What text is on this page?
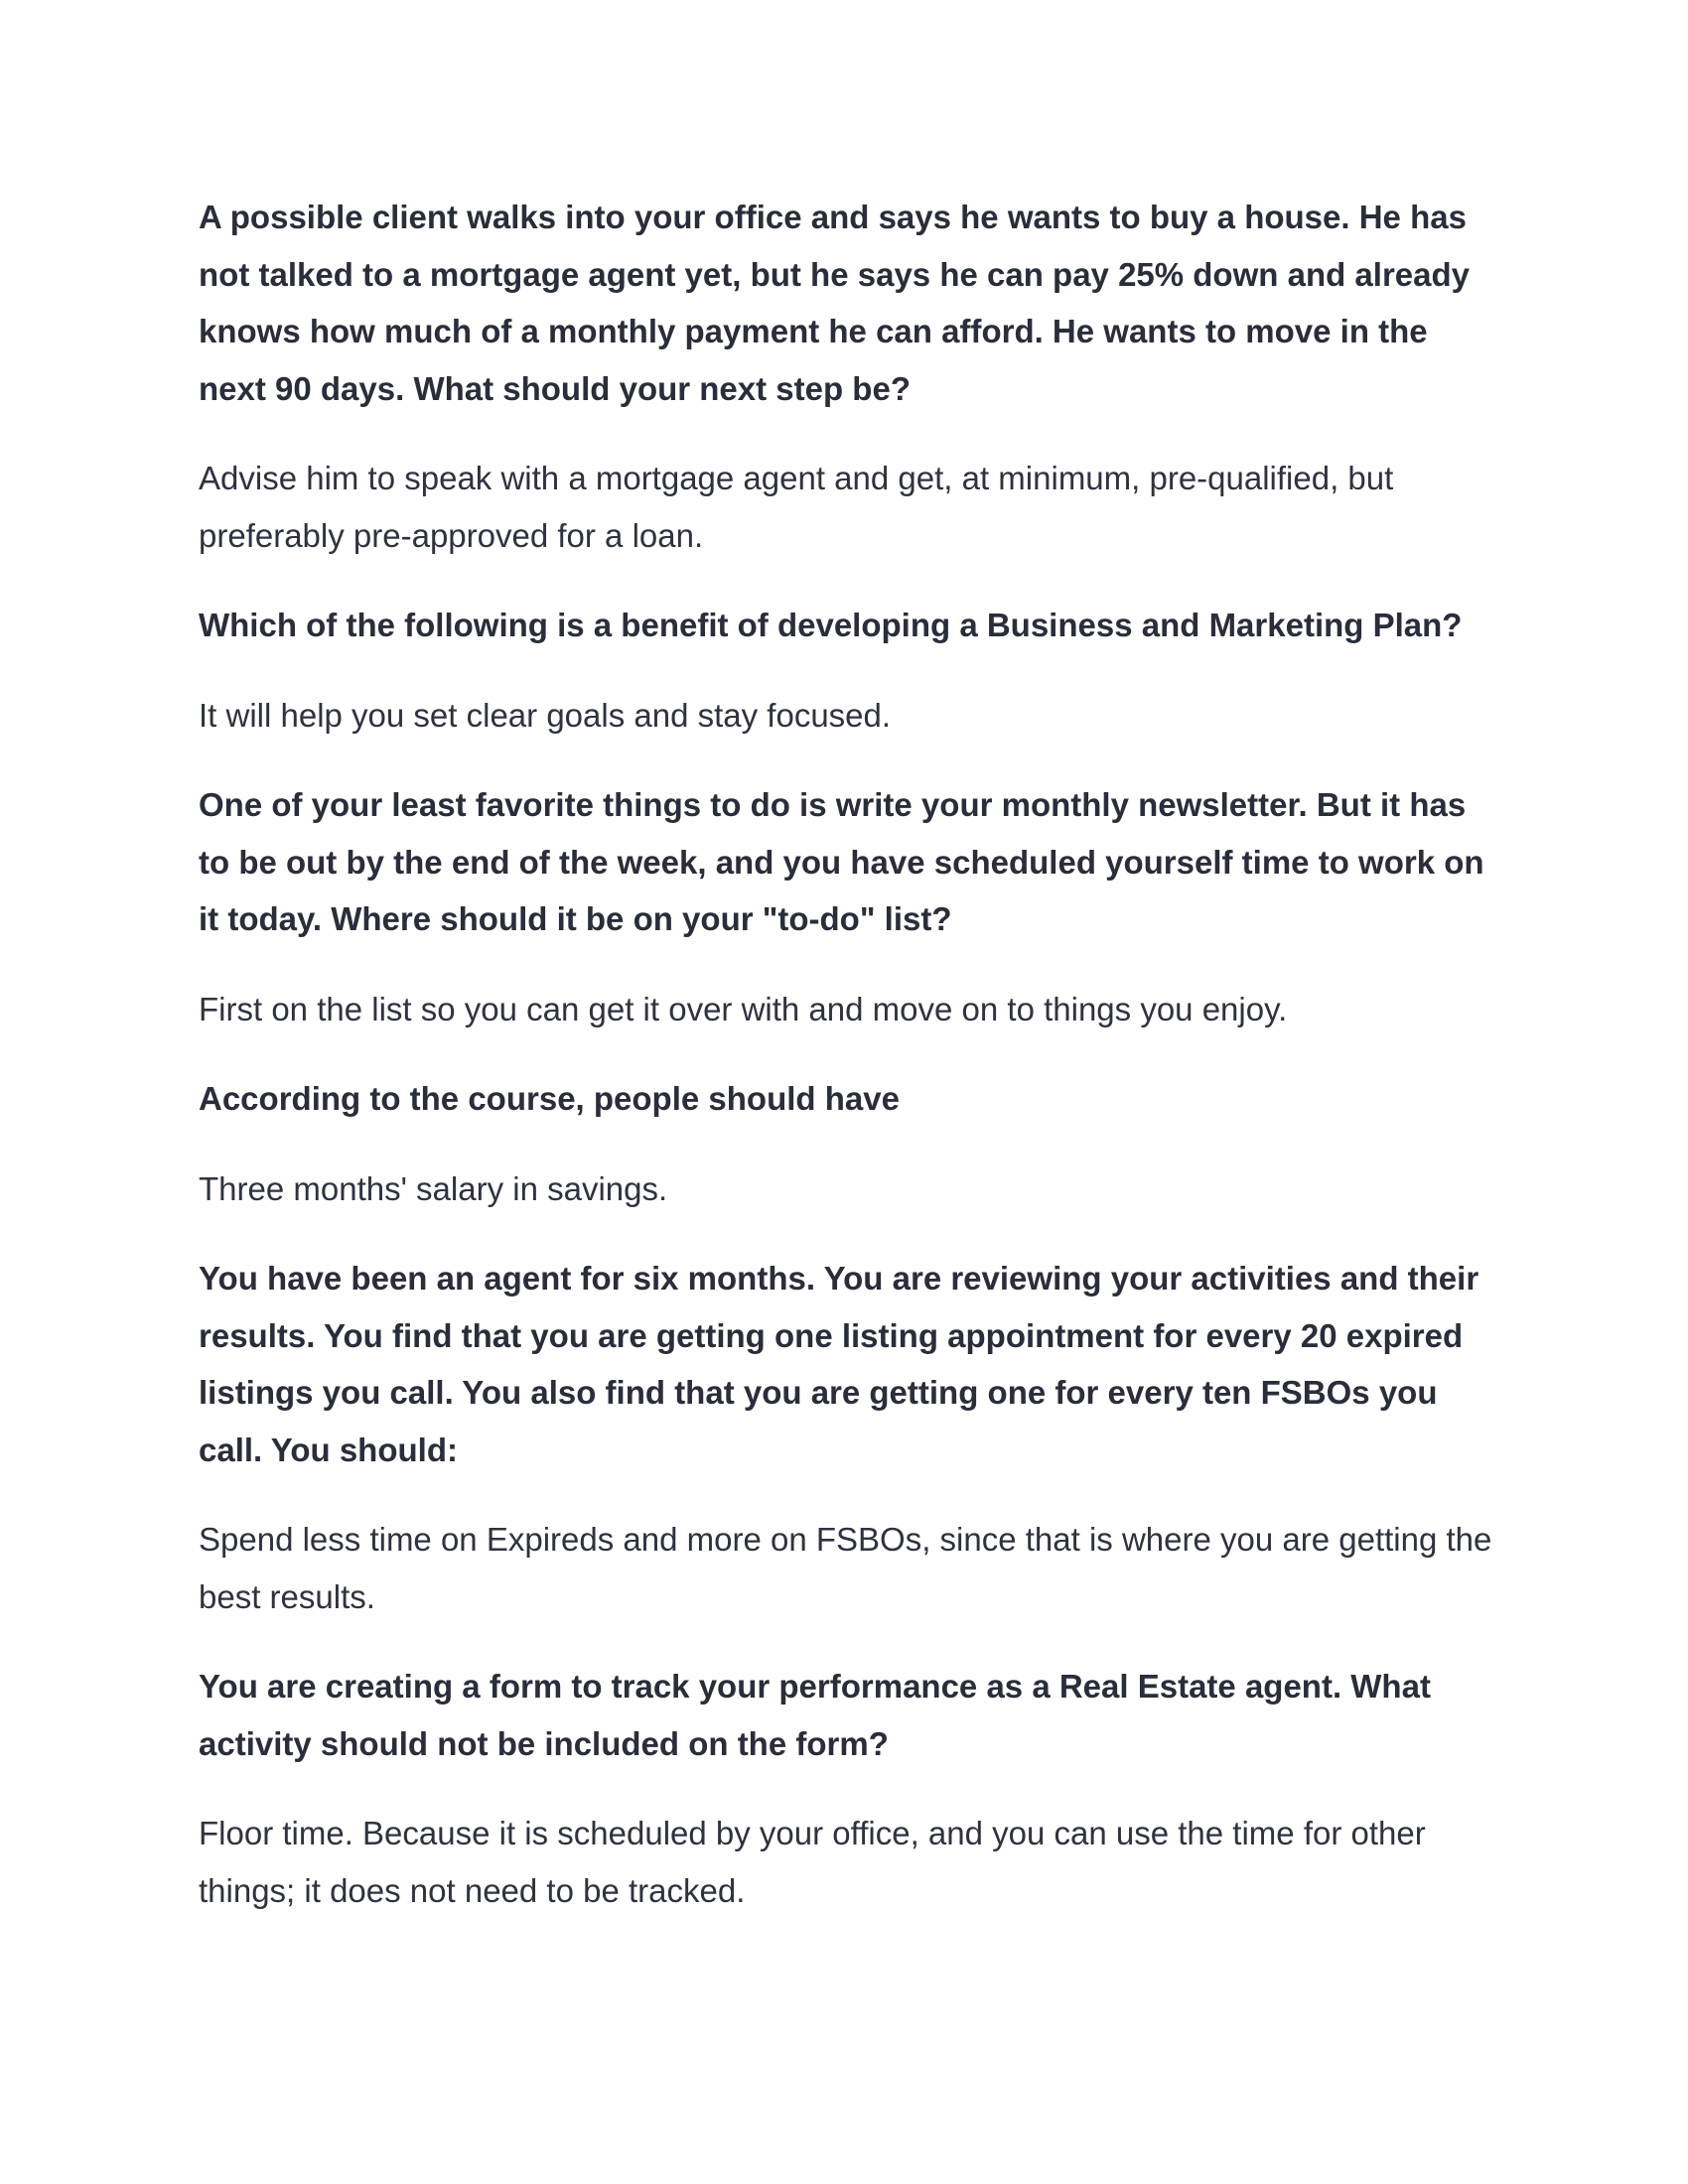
A possible client walks into your office and says he wants to buy a house. He has not talked to a mortgage agent yet, but he says he can pay 25% down and already knows how much of a monthly payment he can afford. He wants to move in the next 90 days. What should your next step be?

Advise him to speak with a mortgage agent and get, at minimum, pre-qualified, but preferably pre-approved for a loan.

Which of the following is a benefit of developing a Business and Marketing Plan?

It will help you set clear goals and stay focused.

One of your least favorite things to do is write your monthly newsletter. But it has to be out by the end of the week, and you have scheduled yourself time to work on it today. Where should it be on your "to-do" list?

First on the list so you can get it over with and move on to things you enjoy.

According to the course, people should have

Three months' salary in savings.

You have been an agent for six months. You are reviewing your activities and their results. You find that you are getting one listing appointment for every 20 expired listings you call. You also find that you are getting one for every ten FSBOs you call. You should:

Spend less time on Expireds and more on FSBOs, since that is where you are getting the best results.

You are creating a form to track your performance as a Real Estate agent. What activity should not be included on the form?

Floor time. Because it is scheduled by your office, and you can use the time for other things; it does not need to be tracked.
